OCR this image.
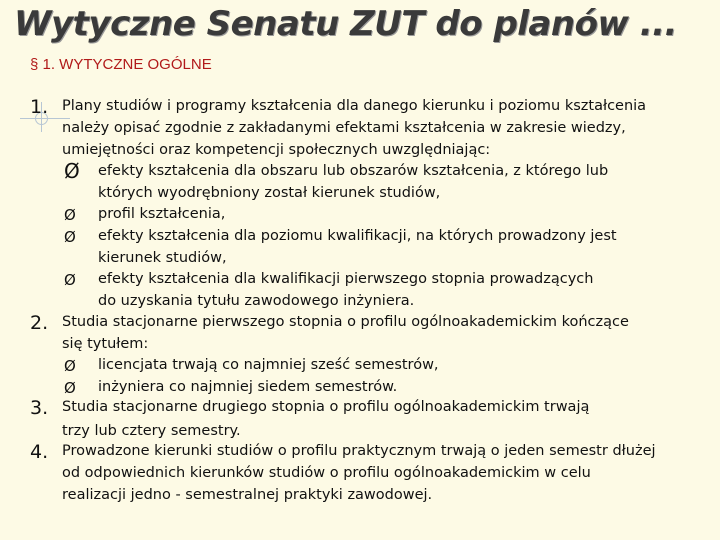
Wytyczne Senatu ZUT do planów ...
§ 1. WYTYCZNE OGÓLNE
1. Plany studiów i programy kształcenia dla danego kierunku i poziomu kształcenia
należy opisać zgodnie z zakładanymi efektami kształcenia w zakresie wiedzy,
umiejętności oraz kompetencji społecznych uwzględniając:
Ø efekty kształcenia dla obszaru lub obszarów kształcenia, z którego lub
których wyodrębniony został kierunek studiów,
Ø profil kształcenia,
Ø efekty kształcenia dla poziomu kwalifikacji, na których prowadzony jest
kierunek studiów,
Ø efekty kształcenia dla kwalifikacji pierwszego stopnia prowadzących
do uzyskania tytułu zawodowego inżyniera.
2. Studia stacjonarne pierwszego stopnia o profilu ogólnoakademickim kończące
się tytułem:
Ø licencjata trwają co najmniej sześć semestrów,
Ø inżyniera co najmniej siedem semestrów.
3. Studia stacjonarne drugiego stopnia o profilu ogólnoakademickim trwają
trzy lub cztery semestry.
4. Prowadzone kierunki studiów o profilu praktycznym trwają o jeden semestr dłużej
od odpowiednich kierunków studiów o profilu ogólnoakademickim w celu
realizacji jedno - semestralnej praktyki zawodowej.
